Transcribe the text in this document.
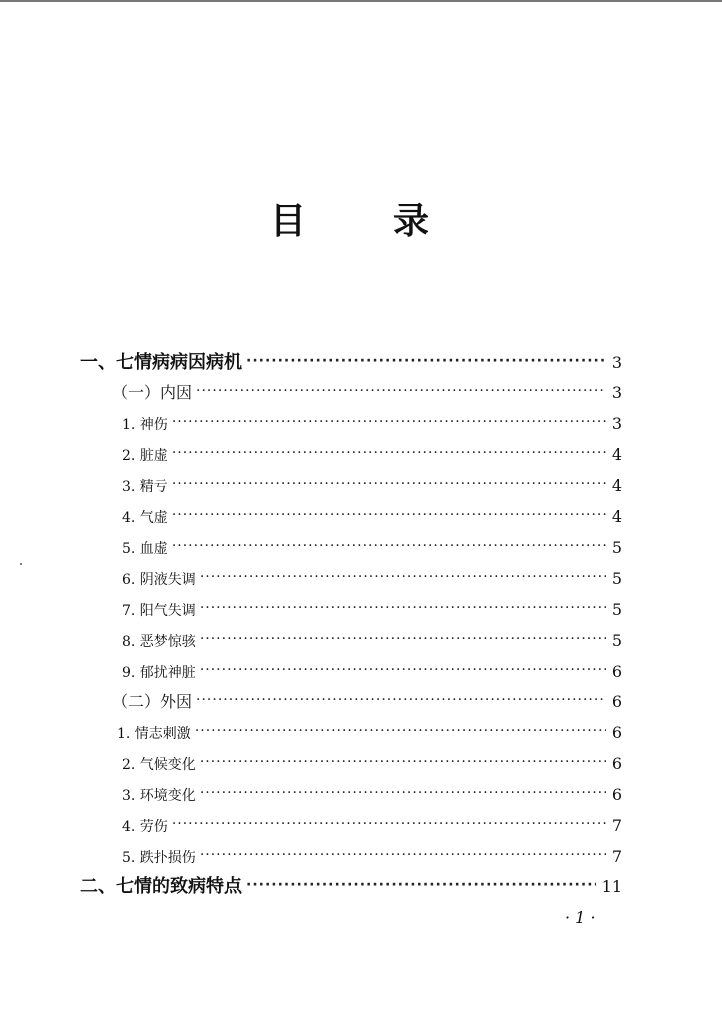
目 录
一、七情病病因病机 ·····	3
（一）内因 ·····	3
1. 神伤 ·····	3
2. 脏虚 ·····	4
3. 精亏 ·····	4
4. 气虚 ·····	4
5. 血虚 ·····	5
6. 阴液失调 ·····	5
7. 阳气失调 ·····	5
8. 恶梦惊骇 ·····	5
9. 郁扰神脏 ·····	6
（二）外因 ·····	6
1. 情志刺激 ·····	6
2. 气候变化 ·····	6
3. 环境变化 ·····	6
4. 劳伤 ·····	7
5. 跌扑损伤 ·····	7
二、七情的致病特点 ·····	11
· 1 ·
